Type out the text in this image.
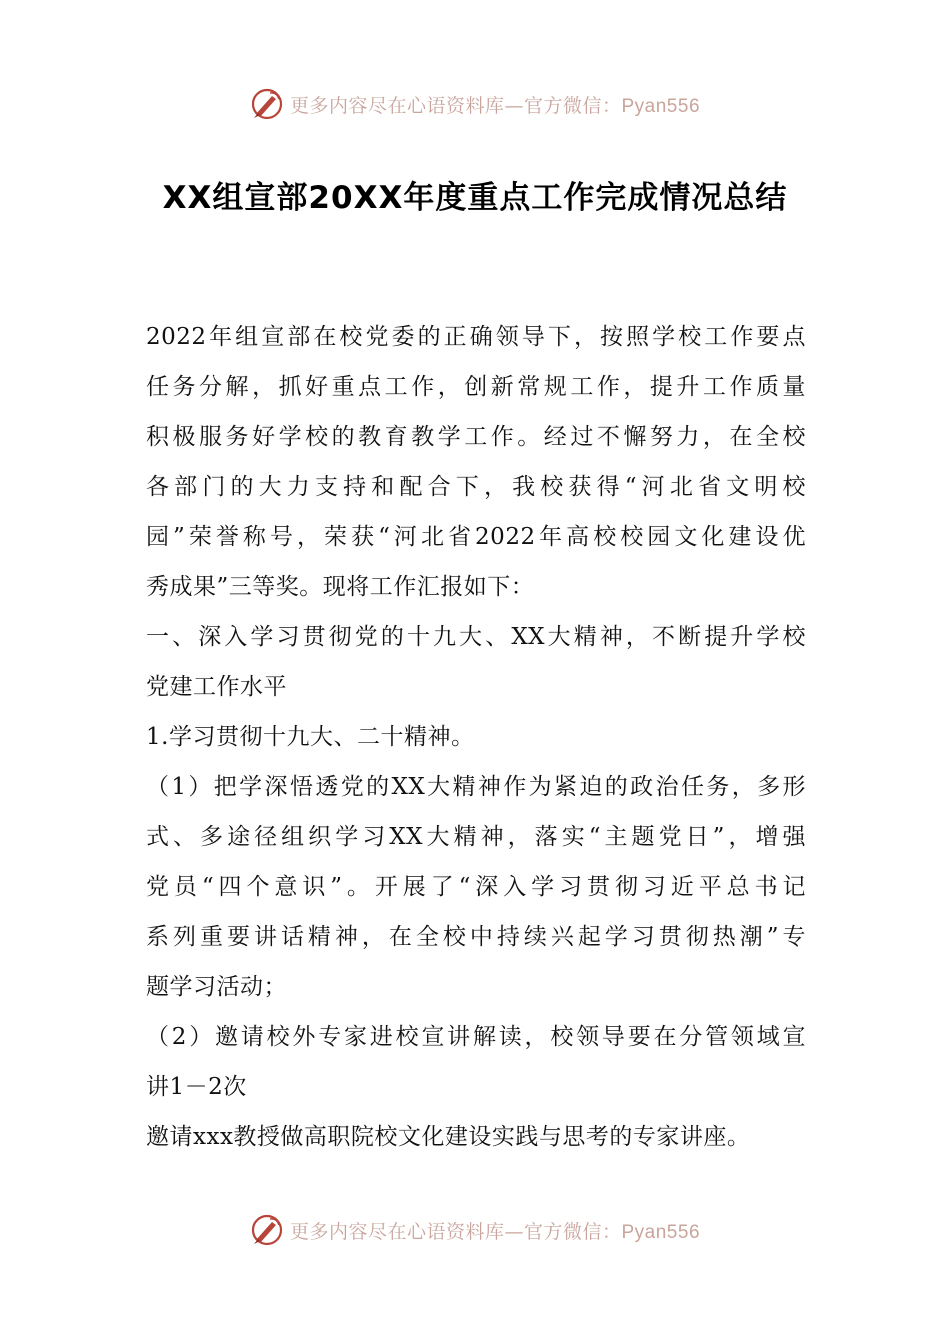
更多内容尽在心语资料库—官方微信：Pyan556
XX组宣部20XX年度重点工作完成情况总结
2022年组宣部在校党委的正确领导下，按照学校工作要点
任务分解，抓好重点工作，创新常规工作，提升工作质量
积极服务好学校的教育教学工作。经过不懈努力，在全校
各部门的大力支持和配合下，我校获得“河北省文明校
园”荣誉称号，荣获“河北省2022年高校校园文化建设优
秀成果”三等奖。现将工作汇报如下：
一、深入学习贯彻党的十九大、XX大精神，不断提升学校
党建工作水平
1.学习贯彻十九大、二十精神。
（1）把学深悟透党的XX大精神作为紧迫的政治任务，多形
式、多途径组织学习XX大精神，落实“主题党日”，增强
党员“四个意识”。开展了“深入学习贯彻习近平总书记
系列重要讲话精神，在全校中持续兴起学习贯彻热潮”专
题学习活动；
（2）邀请校外专家进校宣讲解读，校领导要在分管领域宣
讲1－2次
邀请xxx教授做高职院校文化建设实践与思考的专家讲座。
更多内容尽在心语资料库—官方微信：Pyan556
